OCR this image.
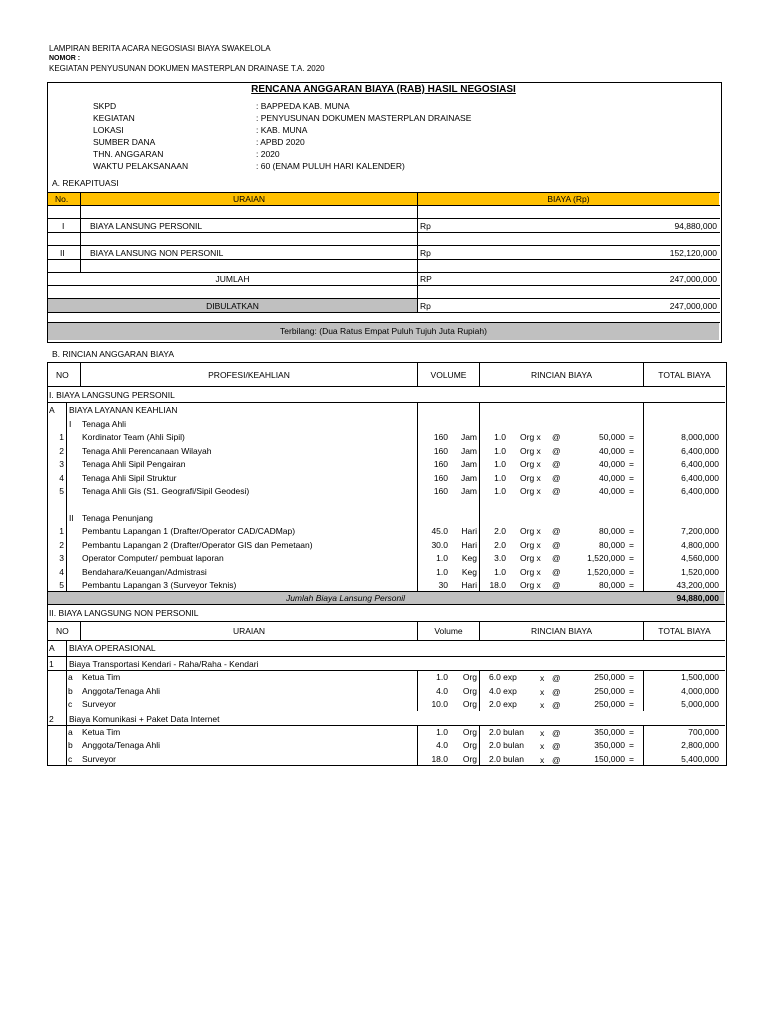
LAMPIRAN BERITA ACARA NEGOSIASI BIAYA SWAKELOLA
NOMOR :
KEGIATAN PENYUSUNAN DOKUMEN MASTERPLAN DRAINASE T.A. 2020
RENCANA ANGGARAN BIAYA (RAB) HASIL NEGOSIASI
SKPD	: BAPPEDA KAB. MUNA
KEGIATAN	: PENYUSUNAN DOKUMEN MASTERPLAN DRAINASE
LOKASI	: KAB. MUNA
SUMBER DANA	: APBD 2020
THN. ANGGARAN	: 2020
WAKTU PELAKSANAAN	: 60 (ENAM PULUH HARI KALENDER)
A. REKAPITUASI
No.	URAIAN	BIAYA (Rp)
I	BIAYA LANSUNG PERSONIL	Rp	94,880,000
II	BIAYA LANSUNG NON PERSONIL	Rp	152,120,000
JUMLAH	RP	247,000,000
DIBULATKAN	Rp	247,000,000
Terbilang: (Dua Ratus Empat Puluh Tujuh Juta Rupiah)
B. RINCIAN ANGGARAN BIAYA
NO	PROFESI/KEAHLIAN	VOLUME	RINCIAN BIAYA	TOTAL BIAYA
I. BIAYA LANGSUNG PERSONIL
A BIAYA LAYANAN KEAHLIAN
I Tenaga Ahli
1 Kordinator Team (Ahli Sipil)	160	Jam	1.0 Org x @	50,000 =	8,000,000
2 Tenaga Ahli Perencanaan Wilayah	160	Jam	1.0 Org x @	40,000 =	6,400,000
3 Tenaga Ahli Sipil Pengairan	160	Jam	1.0 Org x @	40,000 =	6,400,000
4 Tenaga Ahli Sipil Struktur	160	Jam	1.0 Org x @	40,000 =	6,400,000
5 Tenaga Ahli Gis (S1. Geografi/Sipil Geodesi)	160	Jam	1.0 Org x @	40,000 =	6,400,000
II Tenaga Penunjang
1 Pembantu Lapangan 1 (Drafter/Operator CAD/CADMap)	45.0	Hari	2.0 Org x @	80,000 =	7,200,000
2 Pembantu Lapangan 2 (Drafter/Operator GIS dan Pemetaan)	30.0	Hari	2.0 Org x @	80,000 =	4,800,000
3 Operator Computer/ pembuat laporan	1.0	Keg	3.0 Org x @	1,520,000 =	4,560,000
4 Bendahara/Keuangan/Admistrasi	1.0	Keg	1.0 Org x @	1,520,000 =	1,520,000
5 Pembantu Lapangan 3 (Surveyor Teknis)	30	Hari	18.0 Org x @	80,000 =	43,200,000
Jumlah Biaya Lansung Personil	94,880,000
II. BIAYA LANGSUNG NON PERSONIL
NO	URAIAN	Volume	RINCIAN BIAYA	TOTAL BIAYA
A BIAYA OPERASIONAL
1 Biaya Transportasi Kendari - Raha/Raha - Kendari
a Ketua Tim	1.0	Org 6.0 exp	x @	250,000 =	1,500,000
b Anggota/Tenaga Ahli	4.0	Org 4.0 exp	x @	250,000 =	4,000,000
c Surveyor	10.0	Org 2.0 exp	x @	250,000 =	5,000,000
2 Biaya Komunikasi + Paket Data Internet
a Ketua Tim	1.0	Org 2.0 bulan x @	350,000 =	700,000
b Anggota/Tenaga Ahli	4.0	Org 2.0 bulan x @	350,000 =	2,800,000
c Surveyor	18.0	Org 2.0 bulan x @	150,000 =	5,400,000
